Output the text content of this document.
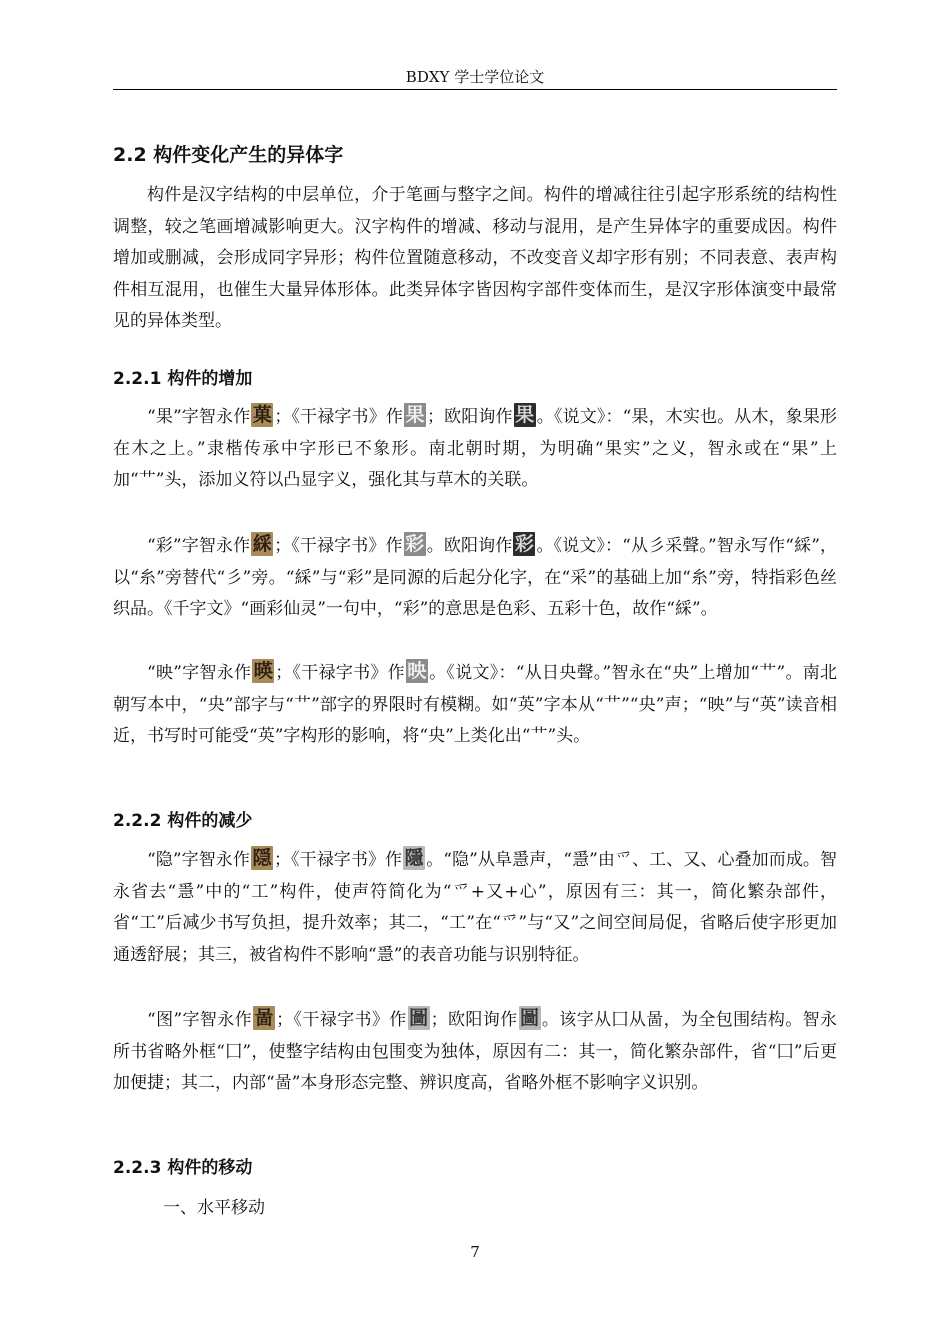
BDXY 学士学位论文
2.2 构件变化产生的异体字

构件是汉字结构的中层单位，介于笔画与整字之间。构件的增减往往引起字形系统的结构性调整，较之笔画增减影响更大。汉字构件的增减、移动与混用，是产生异体字的重要成因。构件增加或删减，会形成同字异形；构件位置随意移动，不改变音义却字形有别；不同表意、表声构件相互混用，也催生大量异体形体。此类异体字皆因构字部件变体而生，是汉字形体演变中最常见的异体类型。

2.2.1 构件的增加

“果”字智永作 菓 ；《干禄字书》作 果 ；欧阳询作 果 。《说文》：“果，木实也。从木，象果形在木之上。”隶楷传承中字形已不象形。南北朝时期，为明确“果实”之义，智永或在“果”上加“艹”头，添加义符以凸显字义，强化其与草木的关联。

“彩”字智永作 綵 ；《干禄字书》作 彩 。欧阳询作 彩 。《说文》：“从彡采聲。”智永写作“綵”，以“糸”旁替代“彡”旁。“綵”与“彩”是同源的后起分化字，在“采”的基础上加“糸”旁，特指彩色丝织品。《千字文》“画彩仙灵”一句中，“彩”的意思是色彩、五彩十色，故作“綵”。

“映”字智永作 暎 ；《干禄字书》作 映 。《说文》：“从日央聲。”智永在“央”上增加“艹”。南北朝写本中，“央”部字与“艹”部字的界限时有模糊。如“英”字本从“艹”“央”声；“映”与“英”读音相近，书写时可能受“英”字构形的影响，将“央”上类化出“艹”头。

2.2.2 构件的减少

“隐”字智永作 隠 ；《干禄字书》作 隱 。“隐”从阜㥯声，“㥯”由爫、工、又、心叠加而成。智永省去“㥯”中的“工”构件，使声符简化为“爫+又+心”，原因有三：其一，简化繁杂部件，省“工”后减少书写负担，提升效率；其二，“工”在“爫”与“又”之间空间局促，省略后使字形更加通透舒展；其三，被省构件不影响“㥯”的表音功能与识别特征。

“图”字智永作 啚 ；《干禄字书》作 圖 ；欧阳询作 圖 。该字从囗从啚，为全包围结构。智永所书省略外框“囗”，使整字结构由包围变为独体，原因有二：其一，简化繁杂部件，省“囗”后更加便捷；其二，内部“啚”本身形态完整、辨识度高，省略外框不影响字义识别。

2.2.3 构件的移动
一、水平移动
7
